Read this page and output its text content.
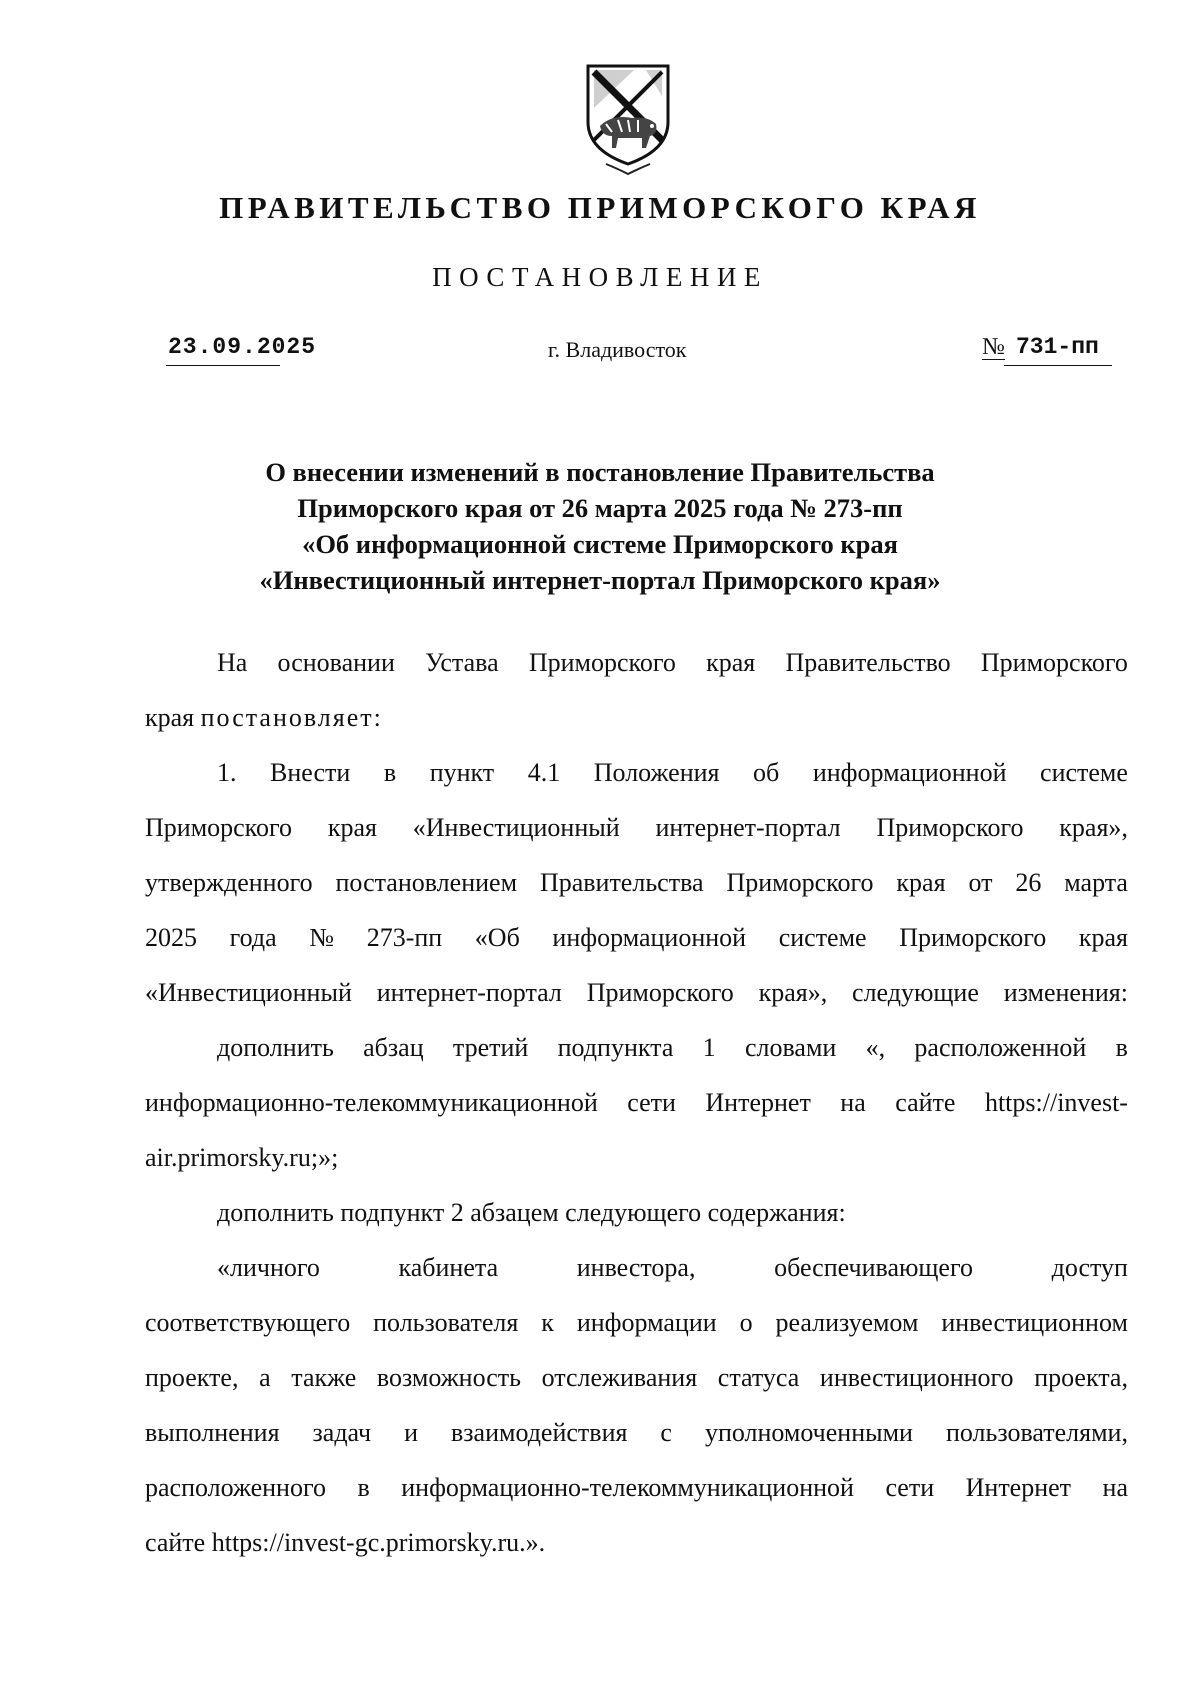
ПРАВИТЕЛЬСТВО ПРИМОРСКОГО КРАЯ
ПОСТАНОВЛЕНИЕ
23.09.2025	г. Владивосток	№ 731-пп
О внесении изменений в постановление Правительства
Приморского края от 26 марта 2025 года № 273-пп
«Об информационной системе Приморского края
«Инвестиционный интернет-портал Приморского края»
На основании Устава Приморского края Правительство Приморского
края постановляет:
1. Внести в пункт 4.1 Положения об информационной системе
Приморского края «Инвестиционный интернет-портал Приморского края»,
утвержденного постановлением Правительства Приморского края от 26 марта
2025 года № 273-пп «Об информационной системе Приморского края
«Инвестиционный интернет-портал Приморского края», следующие изменения:
дополнить абзац третий подпункта 1 словами «, расположенной в
информационно-телекоммуникационной сети Интернет на сайте https://invest-
air.primorsky.ru;»;
дополнить подпункт 2 абзацем следующего содержания:
«личного	кабинета	инвестора,	обеспечивающего	доступ
соответствующего пользователя к информации о реализуемом инвестиционном
проекте, а также возможность отслеживания статуса инвестиционного проекта,
выполнения задач и взаимодействия с уполномоченными пользователями,
расположенного в информационно-телекоммуникационной сети Интернет на
сайте https://invest-gc.primorsky.ru.».
